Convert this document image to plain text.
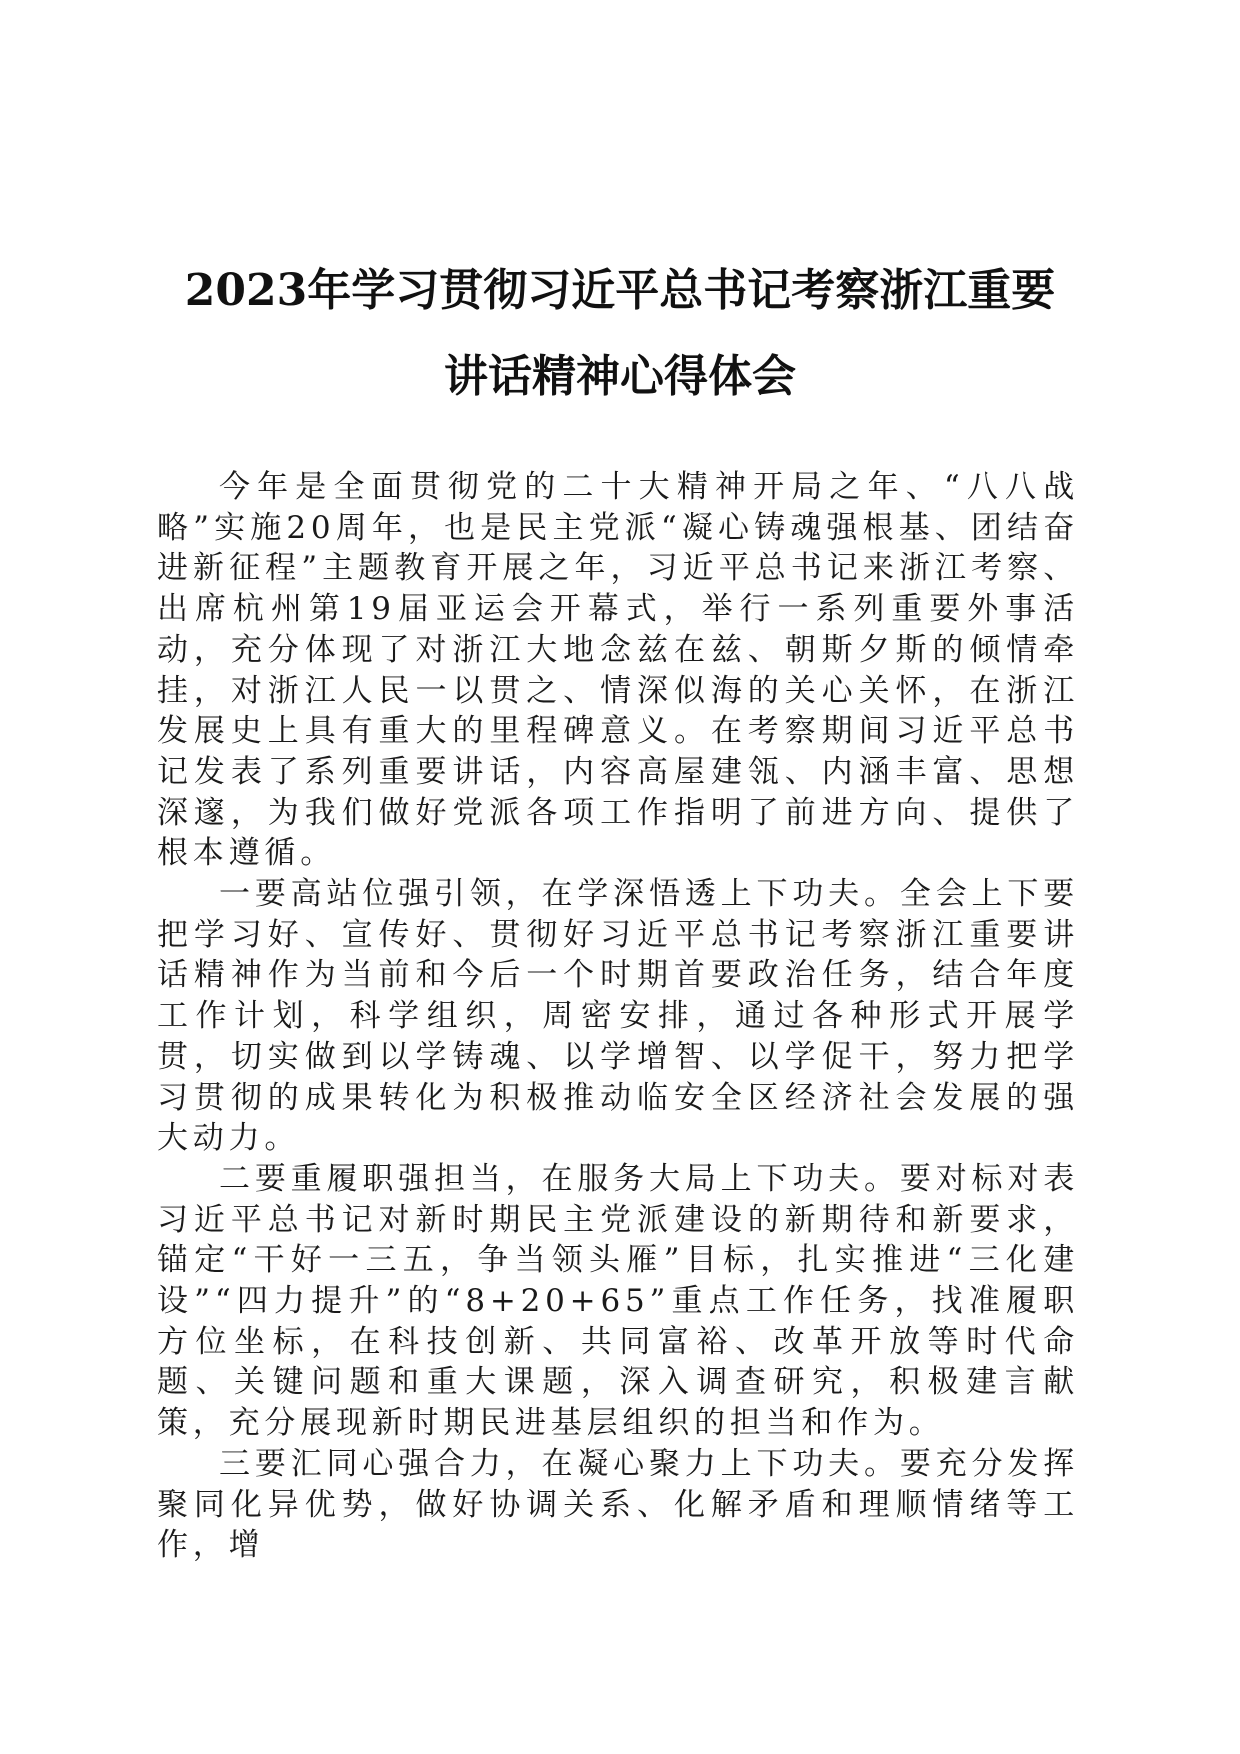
2023年学习贯彻习近平总书记考察浙江重要
讲话精神心得体会

今年是全面贯彻党的二十大精神开局之年、“八八战略”实施20周年，也是民主党派“凝心铸魂强根基、团结奋进新征程”主题教育开展之年，习近平总书记来浙江考察、出席杭州第19届亚运会开幕式，举行一系列重要外事活动，充分体现了对浙江大地念兹在兹、朝斯夕斯的倾情牵挂，对浙江人民一以贯之、情深似海的关心关怀，在浙江发展史上具有重大的里程碑意义。在考察期间习近平总书记发表了系列重要讲话，内容高屋建瓴、内涵丰富、思想深邃，为我们做好党派各项工作指明了前进方向、提供了根本遵循。

一要高站位强引领，在学深悟透上下功夫。全会上下要把学习好、宣传好、贯彻好习近平总书记考察浙江重要讲话精神作为当前和今后一个时期首要政治任务，结合年度工作计划，科学组织，周密安排，通过各种形式开展学贯，切实做到以学铸魂、以学增智、以学促干，努力把学习贯彻的成果转化为积极推动临安全区经济社会发展的强大动力。

二要重履职强担当，在服务大局上下功夫。要对标对表习近平总书记对新时期民主党派建设的新期待和新要求，锚定“干好一三五，争当领头雁”目标，扎实推进“三化建设”“四力提升”的“8+20+65”重点工作任务，找准履职方位坐标，在科技创新、共同富裕、改革开放等时代命题、关键问题和重大课题，深入调查研究，积极建言献策，充分展现新时期民进基层组织的担当和作为。

三要汇同心强合力，在凝心聚力上下功夫。要充分发挥聚同化异优势，做好协调关系、化解矛盾和理顺情绪等工作，增
